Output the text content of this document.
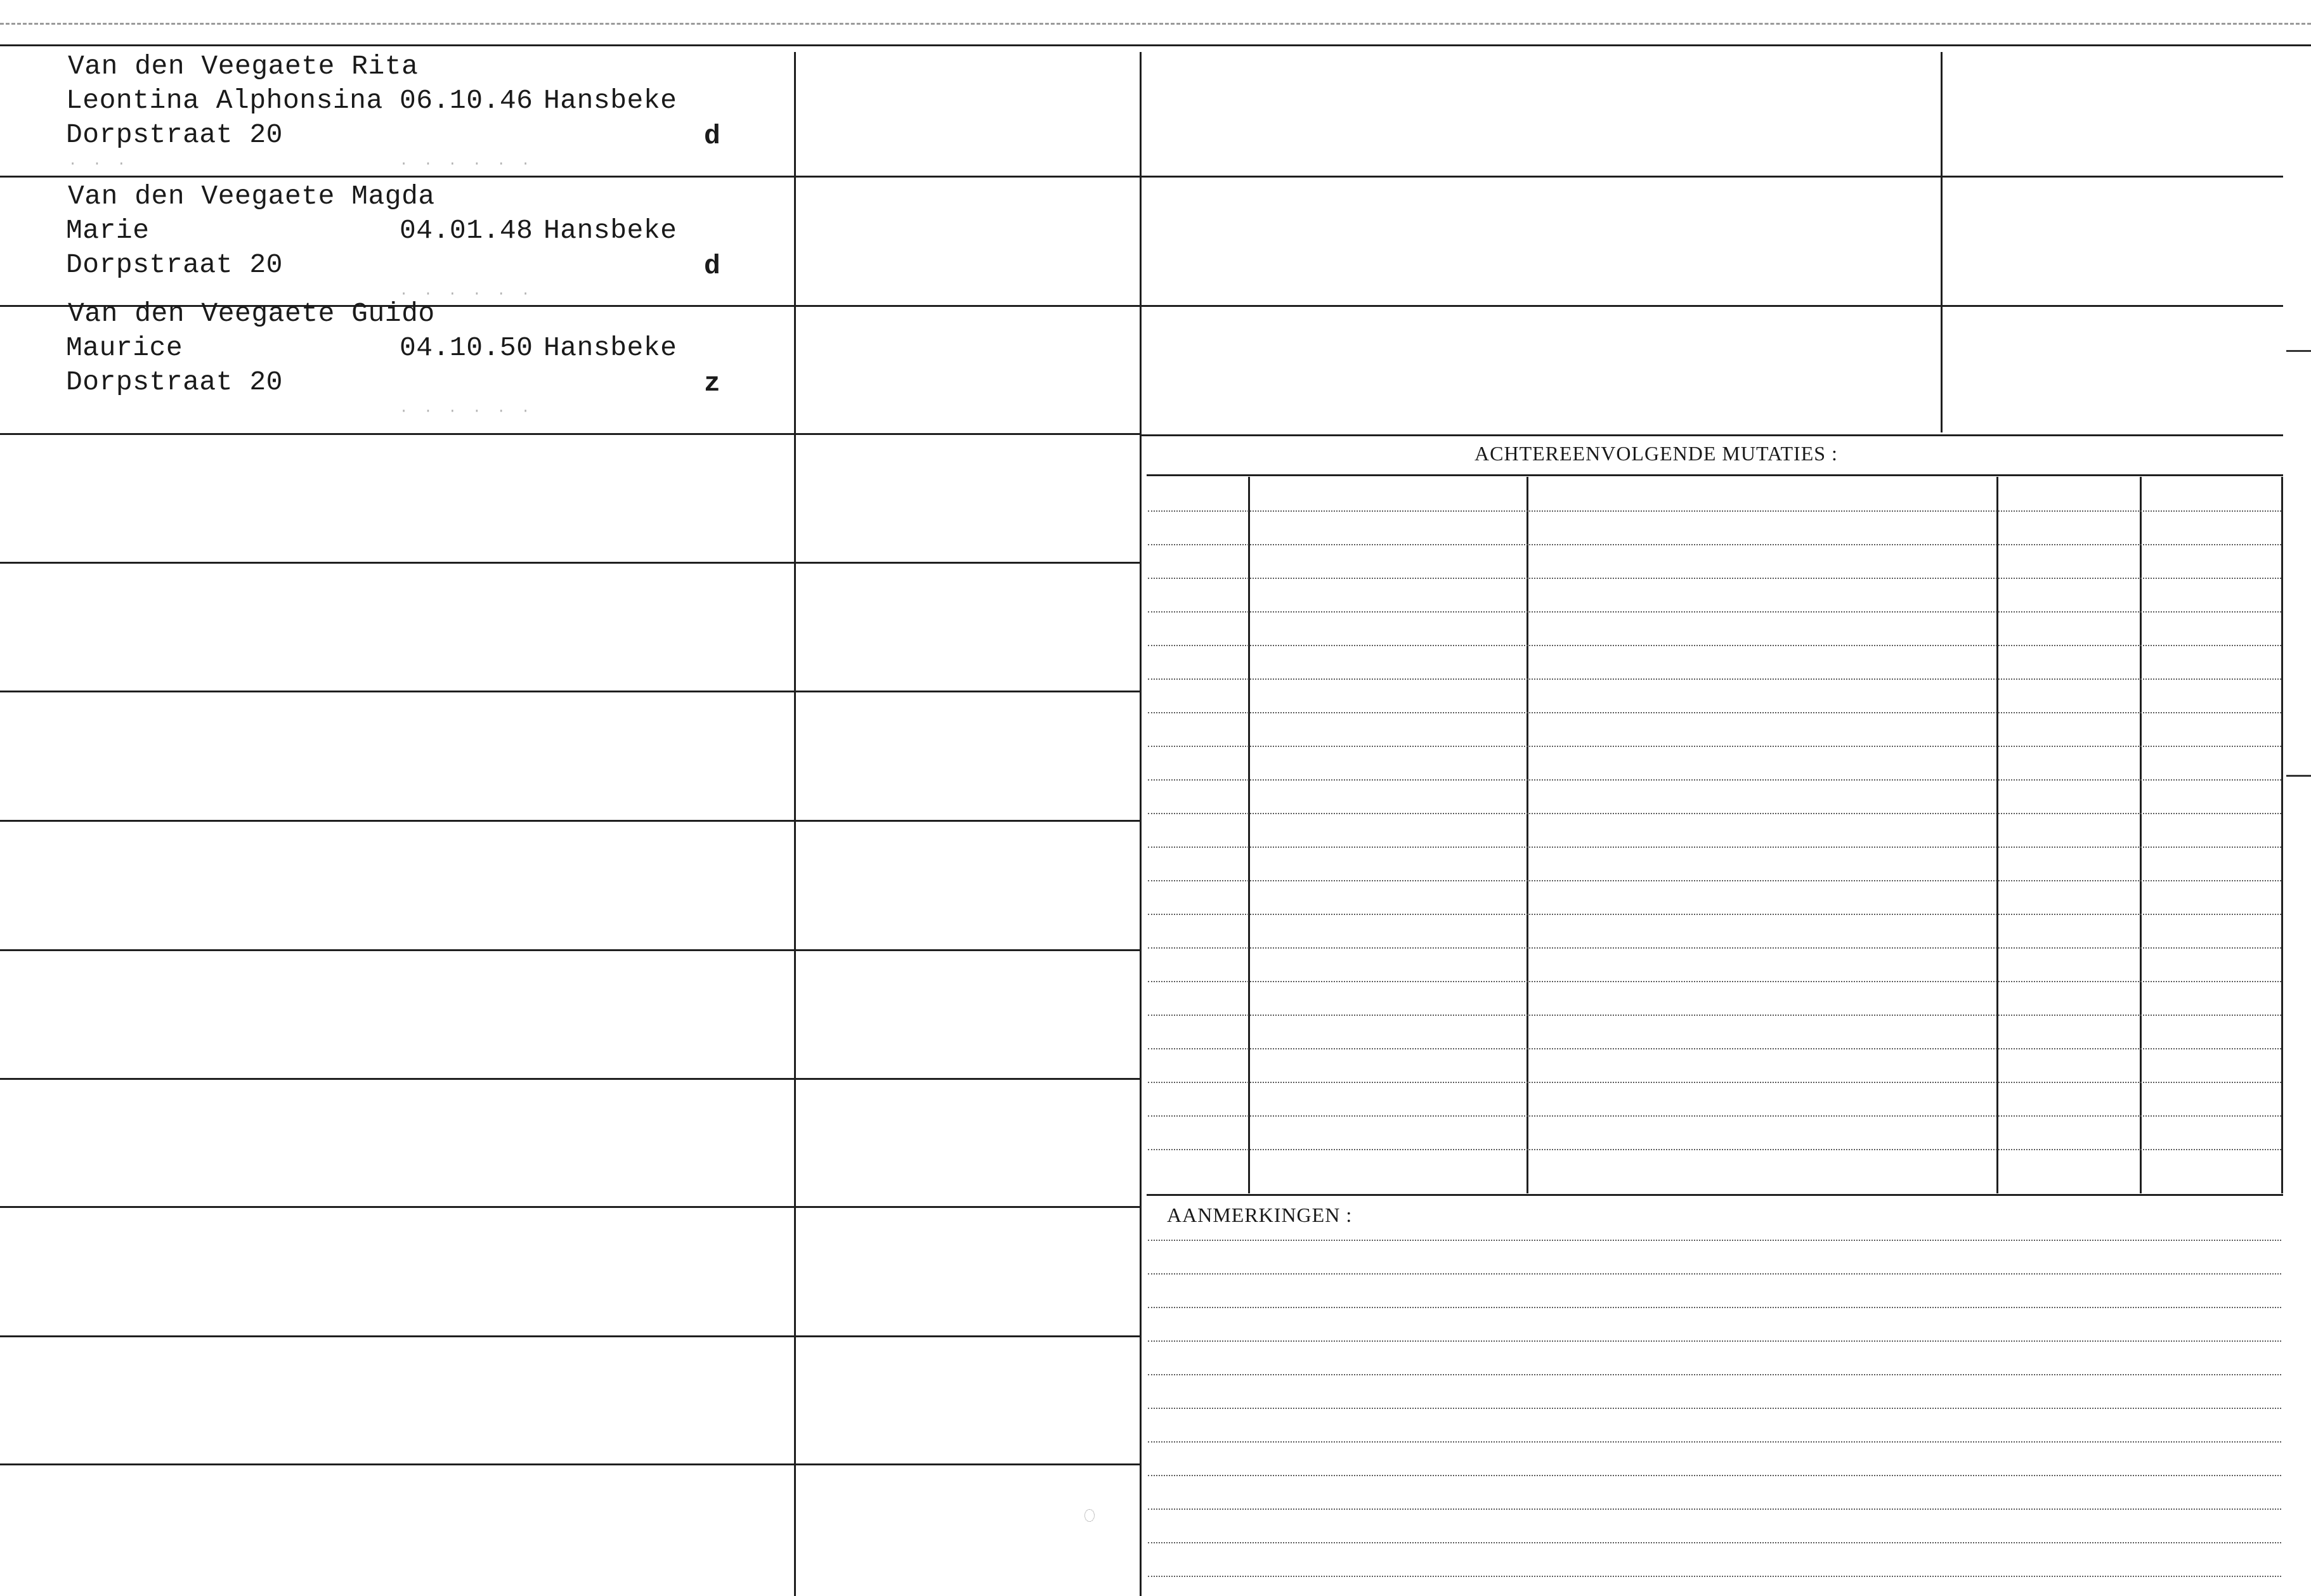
ACHTEREENVOLGENDE MUTATIES :
AANMERKINGEN :
Van den Veegaete Rita
Leontina Alphonsina 06.10.46 Hansbeke
Dorpstraat 20	d
· · ·	· · · · · ·
Van den Veegaete Magda
Marie	04.01.48 Hansbeke
Dorpstraat 20	d
· · · · · ·
Van den Veegaete Guido
Maurice	04.10.50 Hansbeke
Dorpstraat 20	z
· · · · · ·
